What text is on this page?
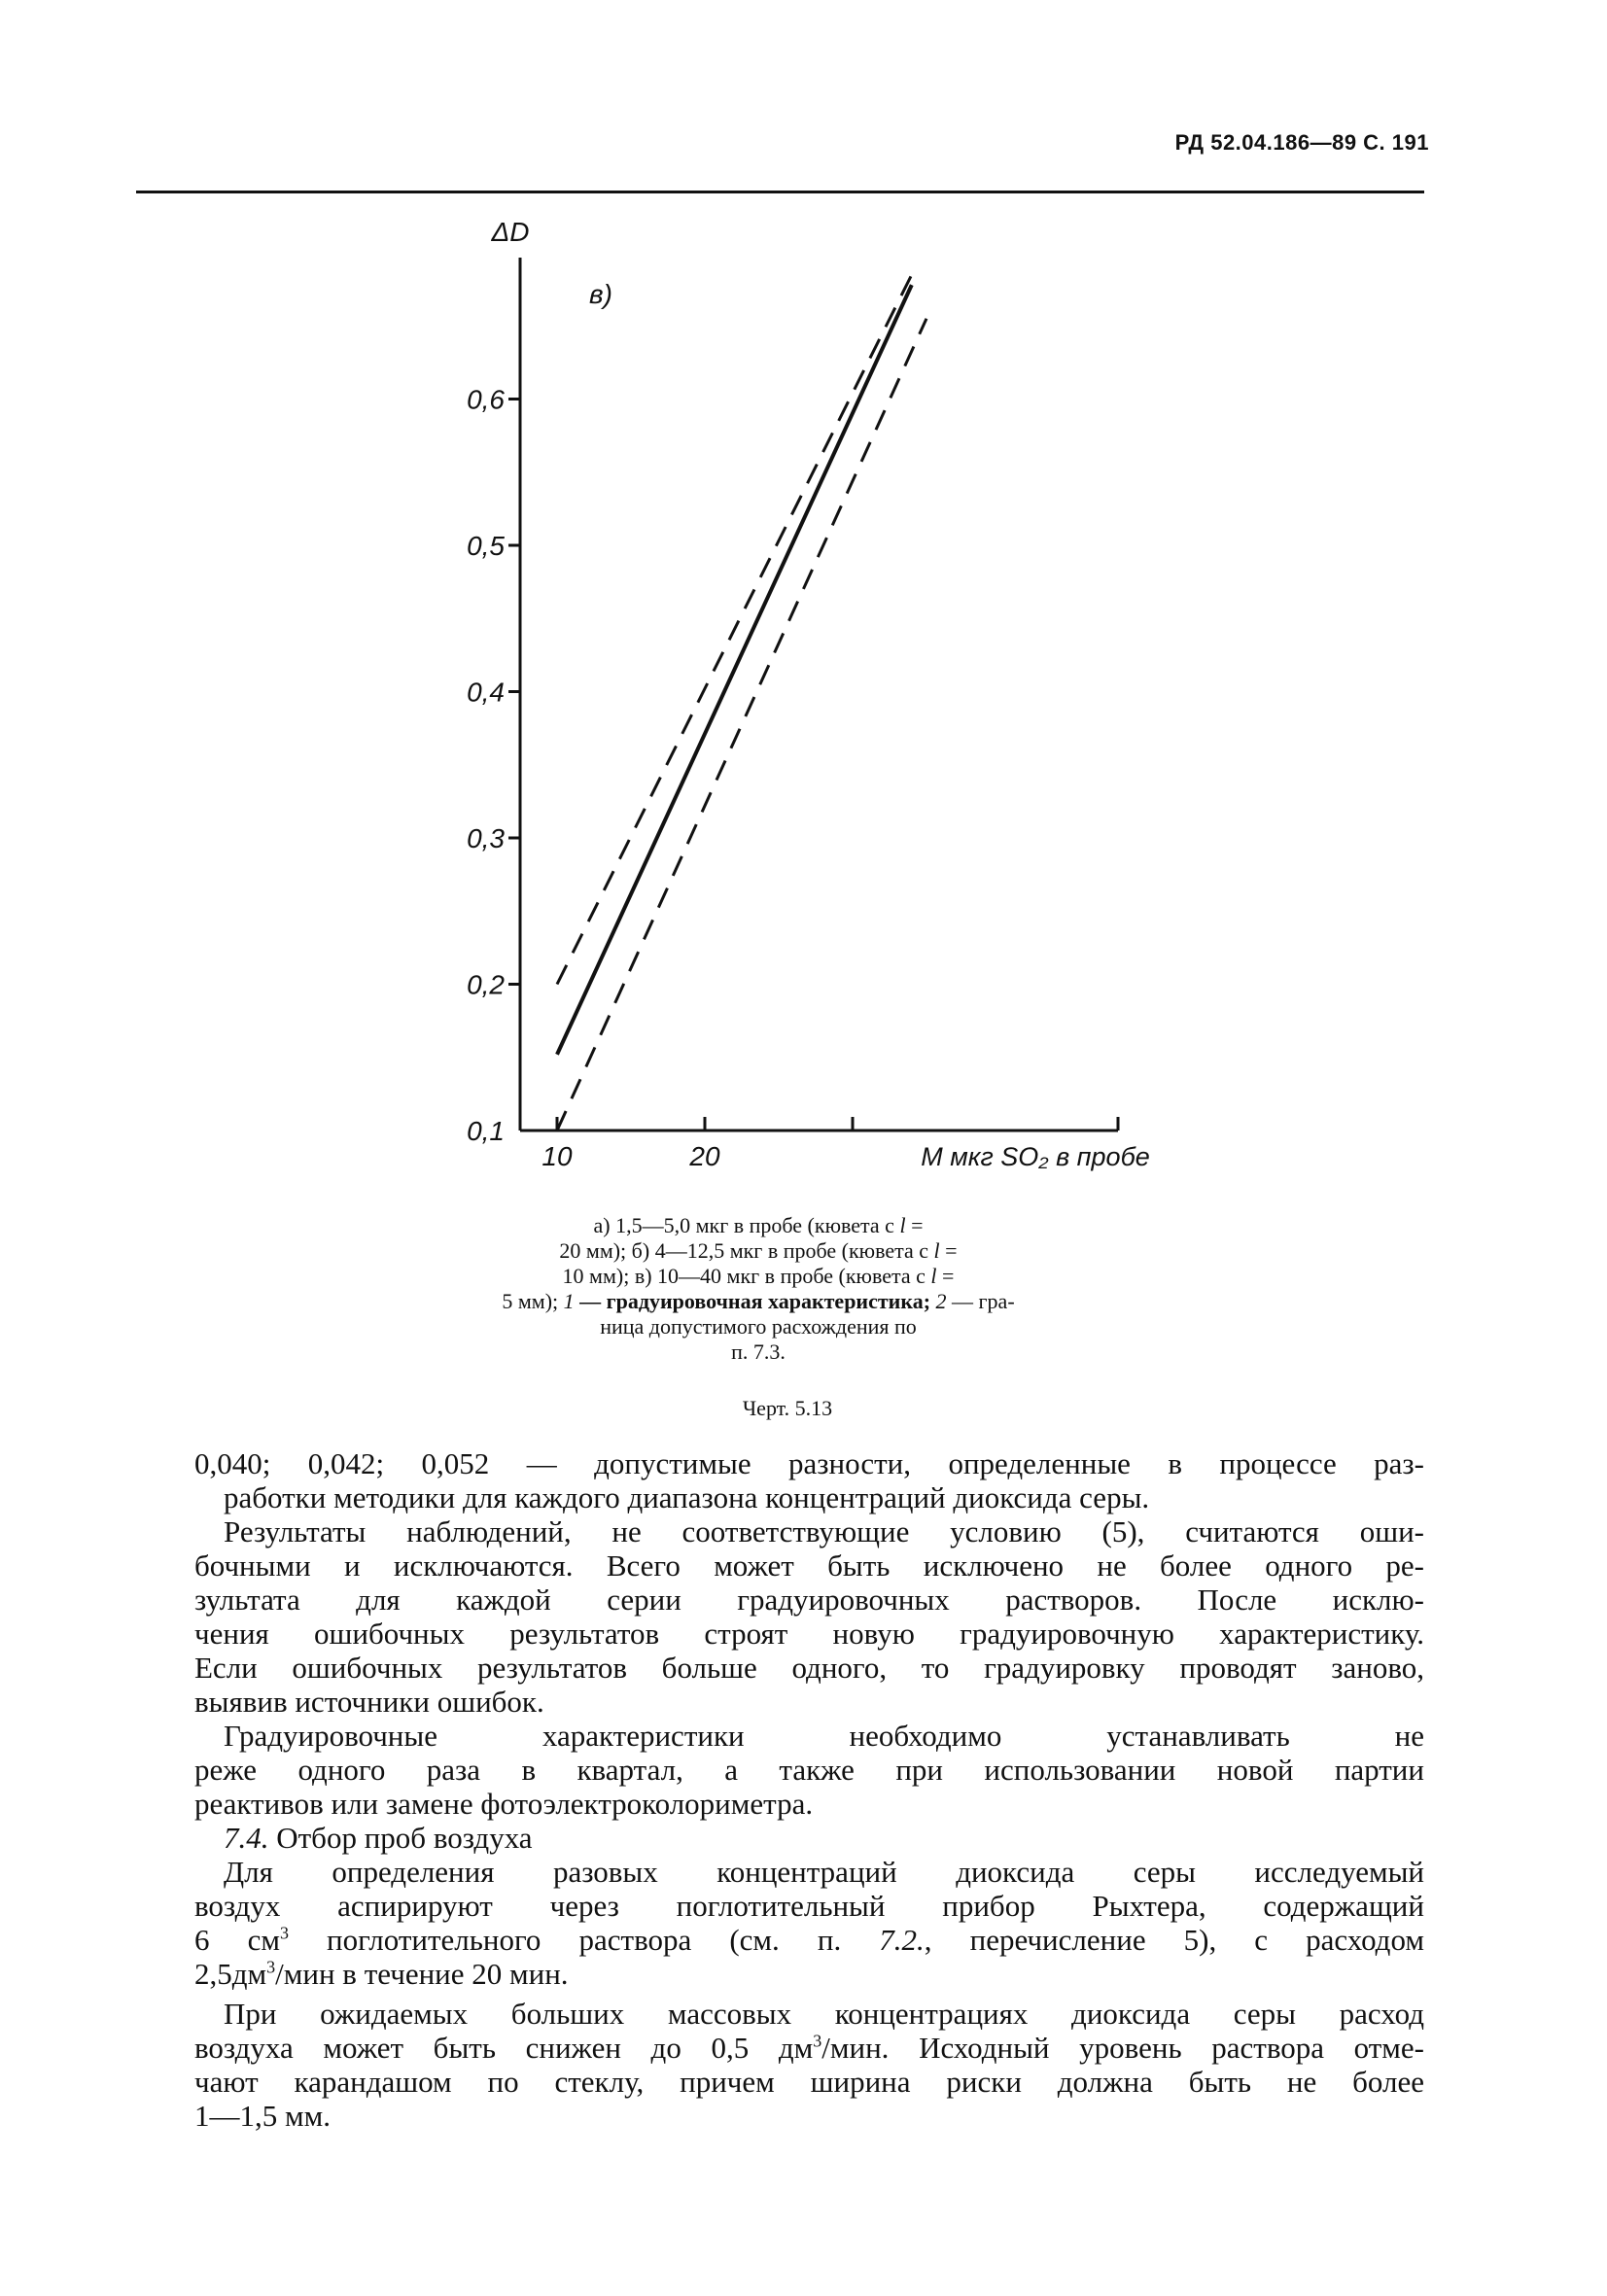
РД 52.04.186—89 С. 191
0,1
0,2
0,3
0,4
0,5
0,6
10	20
ΔD
M мкг SO₂ в пробе
в)
а) 1,5—5,0 мкг в пробе (кювета с l =
20 мм); б) 4—12,5 мкг в пробе (кювета с l =
10 мм); в) 10—40 мкг в пробе (кювета с l =
5 мм); 1 — градуировочная характеристика; 2 — гра-
ница допустимого расхождения по
п. 7.3.
Черт. 5.13
0,040; 0,042; 0,052 — допустимые разности, определенные в процессе раз-
работки методики для каждого диапазона концентраций диоксида серы.
Результаты наблюдений, не соответствующие условию (5), считаются оши-
бочными и исключаются. Всего может быть исключено не более одного ре-
зультата для каждой серии градуировочных растворов. После исклю-
чения ошибочных результатов строят новую градуировочную характеристику.
Если ошибочных результатов больше одного, то градуировку проводят заново,
выявив источники ошибок.
Градуировочные характеристики необходимо устанавливать не
реже одного раза в квартал, а также при использовании новой партии
реактивов или замене фотоэлектроколориметра.
7.4. Отбор проб воздуха
Для определения разовых концентраций диоксида серы исследуемый
воздух аспирируют через поглотительный прибор Рыхтера, содержащий
6 $см^3$ поглотительного раствора (см. п. 7.2., перечисление 5), с расходом
$2,5дм^3$/мин в течение 20 мин.
При ожидаемых больших массовых концентрациях диоксида серы расход
воздуха может быть снижен до 0,5 $дм^3$/мин. Исходный уровень раствора отме-
чают карандашом по стеклу, причем ширина риски должна быть не более
1—1,5 мм.
